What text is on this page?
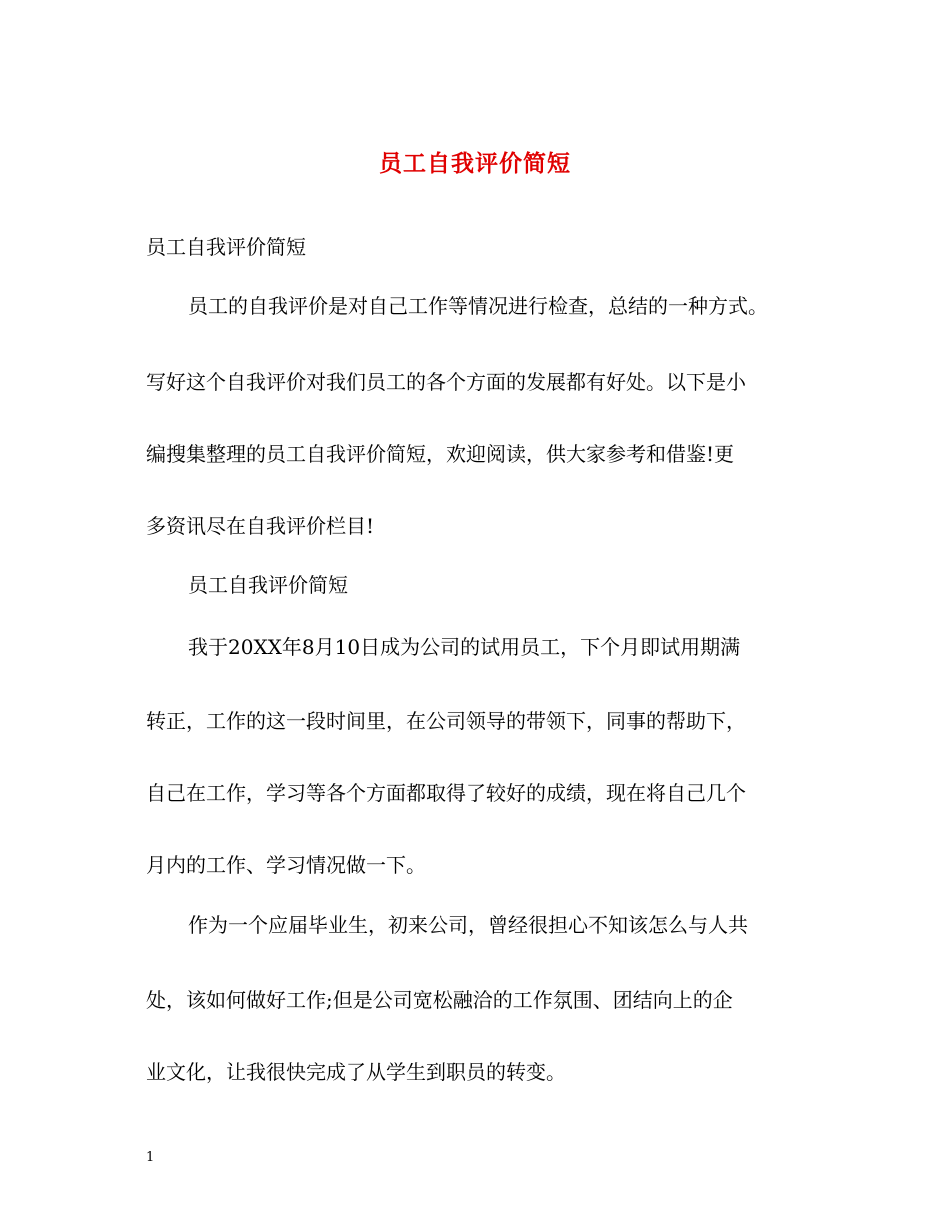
员工自我评价简短
员工自我评价简短
员工的自我评价是对自己工作等情况进行检查，总结的一种方式。
写好这个自我评价对我们员工的各个方面的发展都有好处。以下是小
编搜集整理的员工自我评价简短，欢迎阅读，供大家参考和借鉴!更
多资讯尽在自我评价栏目!
员工自我评价简短
我于20XX年8月10日成为公司的试用员工，下个月即试用期满
转正，工作的这一段时间里，在公司领导的带领下，同事的帮助下，
自己在工作，学习等各个方面都取得了较好的成绩，现在将自己几个
月内的工作、学习情况做一下。
作为一个应届毕业生，初来公司，曾经很担心不知该怎么与人共
处，该如何做好工作;但是公司宽松融洽的工作氛围、团结向上的企
业文化，让我很快完成了从学生到职员的转变。
1
